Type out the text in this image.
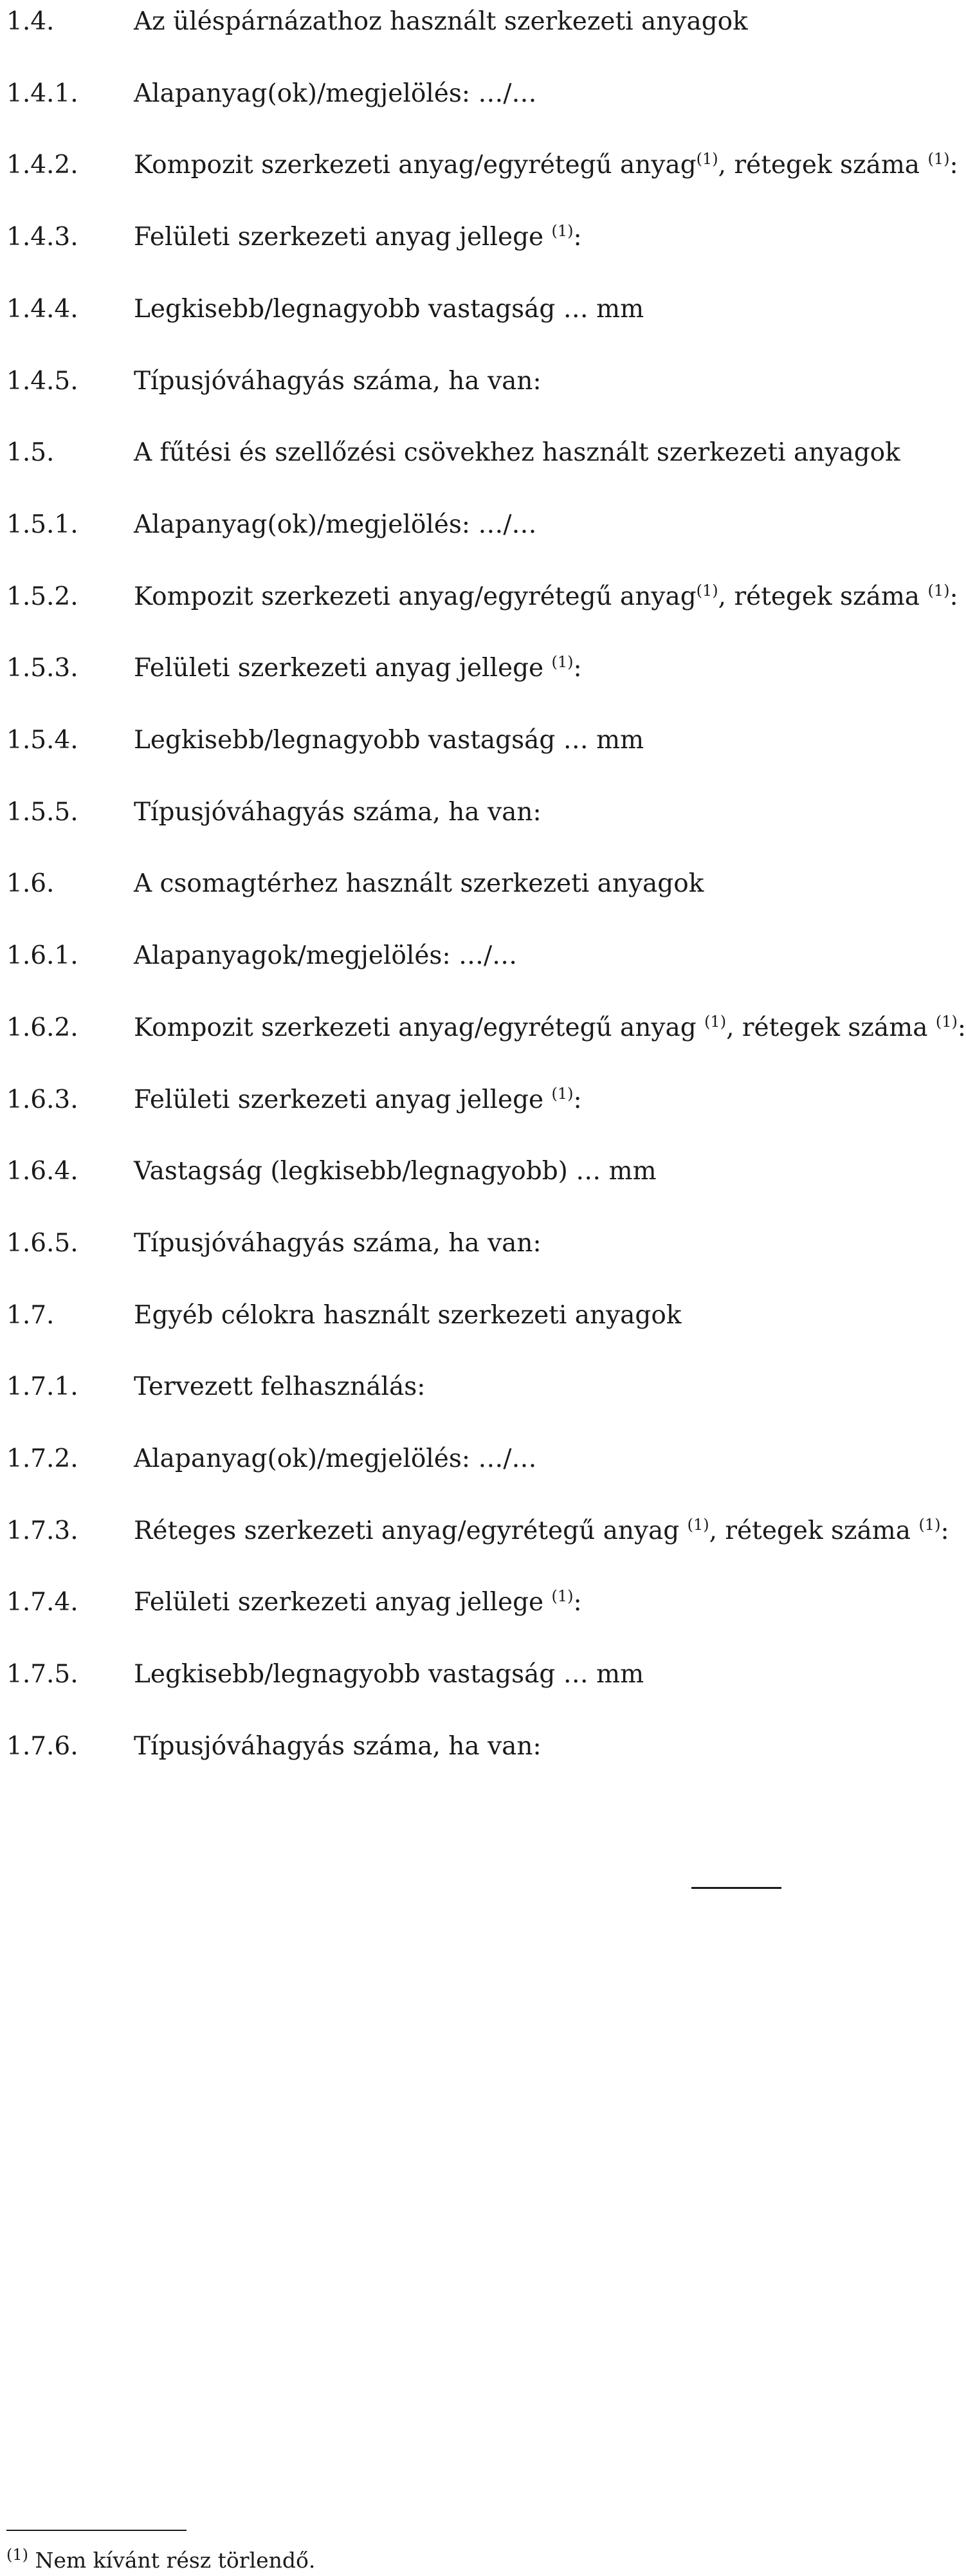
1.4.	Az üléspárnázathoz használt szerkezeti anyagok
1.4.1. Alapanyag(ok)/megjelölés: …/…
1.4.2. Kompozit szerkezeti anyag/egyrétegű anyag$^{(1)}$, rétegek száma $^{(1)}$:
1.4.3. Felületi szerkezeti anyag jellege $^{(1)}$:
1.4.4. Legkisebb/legnagyobb vastagság … mm
1.4.5. Típusjóváhagyás száma, ha van:
1.5.	A fűtési és szellőzési csövekhez használt szerkezeti anyagok
1.5.1. Alapanyag(ok)/megjelölés: …/…
1.5.2. Kompozit szerkezeti anyag/egyrétegű anyag$^{(1)}$, rétegek száma $^{(1)}$:
1.5.3. Felületi szerkezeti anyag jellege $^{(1)}$:
1.5.4. Legkisebb/legnagyobb vastagság … mm
1.5.5. Típusjóváhagyás száma, ha van:
1.6.	A csomagtérhez használt szerkezeti anyagok
1.6.1. Alapanyagok/megjelölés: …/…
1.6.2. Kompozit szerkezeti anyag/egyrétegű anyag $^{(1)}$, rétegek száma $^{(1)}$:
1.6.3. Felületi szerkezeti anyag jellege $^{(1)}$:
1.6.4. Vastagság (legkisebb/legnagyobb) … mm
1.6.5. Típusjóváhagyás száma, ha van:
1.7.	Egyéb célokra használt szerkezeti anyagok
1.7.1. Tervezett felhasználás:
1.7.2. Alapanyag(ok)/megjelölés: …/…
1.7.3. Réteges szerkezeti anyag/egyrétegű anyag $^{(1)}$, rétegek száma $^{(1)}$:
1.7.4. Felületi szerkezeti anyag jellege $^{(1)}$:
1.7.5. Legkisebb/legnagyobb vastagság … mm
1.7.6. Típusjóváhagyás száma, ha van:
$^{(1)}$ Nem kívánt rész törlendő.
